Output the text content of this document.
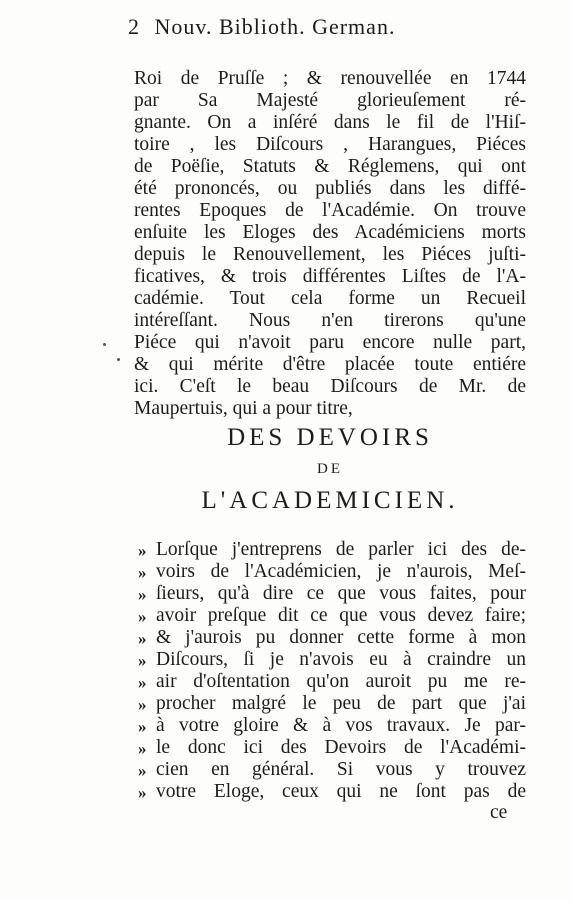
2 Nouv. Biblioth. German.
Roi de Pruſſe ; & renouvellée en 1744
par Sa Majesté glorieuſement ré-
gnante. On a inſéré dans le fil de l'Hiſ-
toire , les Diſcours , Harangues, Piéces
de Poëſie, Statuts & Réglemens, qui ont
été prononcés, ou publiés dans les diffé-
rentes Epoques de l'Académie. On trouve
enſuite les Eloges des Académiciens morts
depuis le Renouvellement, les Piéces juſti-
ficatives, & trois différentes Liſtes de l'A-
cadémie. Tout cela forme un Recueil
intéreſſant. Nous n'en tirerons qu'une
Piéce qui n'avoit paru encore nulle part,
& qui mérite d'être placée toute entiére
ici. C'eſt le beau Diſcours de Mr. de
Maupertuis, qui a pour titre,
DES DEVOIRS
DE
L'ACADEMICIEN.
» Lorſque j'entreprens de parler ici des de-
» voirs de l'Académicien, je n'aurois, Meſ-
» ſieurs, qu'à dire ce que vous faites, pour
» avoir preſque dit ce que vous devez faire;
» & j'aurois pu donner cette forme à mon
» Diſcours, ſi je n'avois eu à craindre un
» air d'oſtentation qu'on auroit pu me re-
» procher malgré le peu de part que j'ai
» à votre gloire & à vos travaux. Je par-
» le donc ici des Devoirs de l'Académi-
» cien en général. Si vous y trouvez
» votre Eloge, ceux qui ne ſont pas de
ce
